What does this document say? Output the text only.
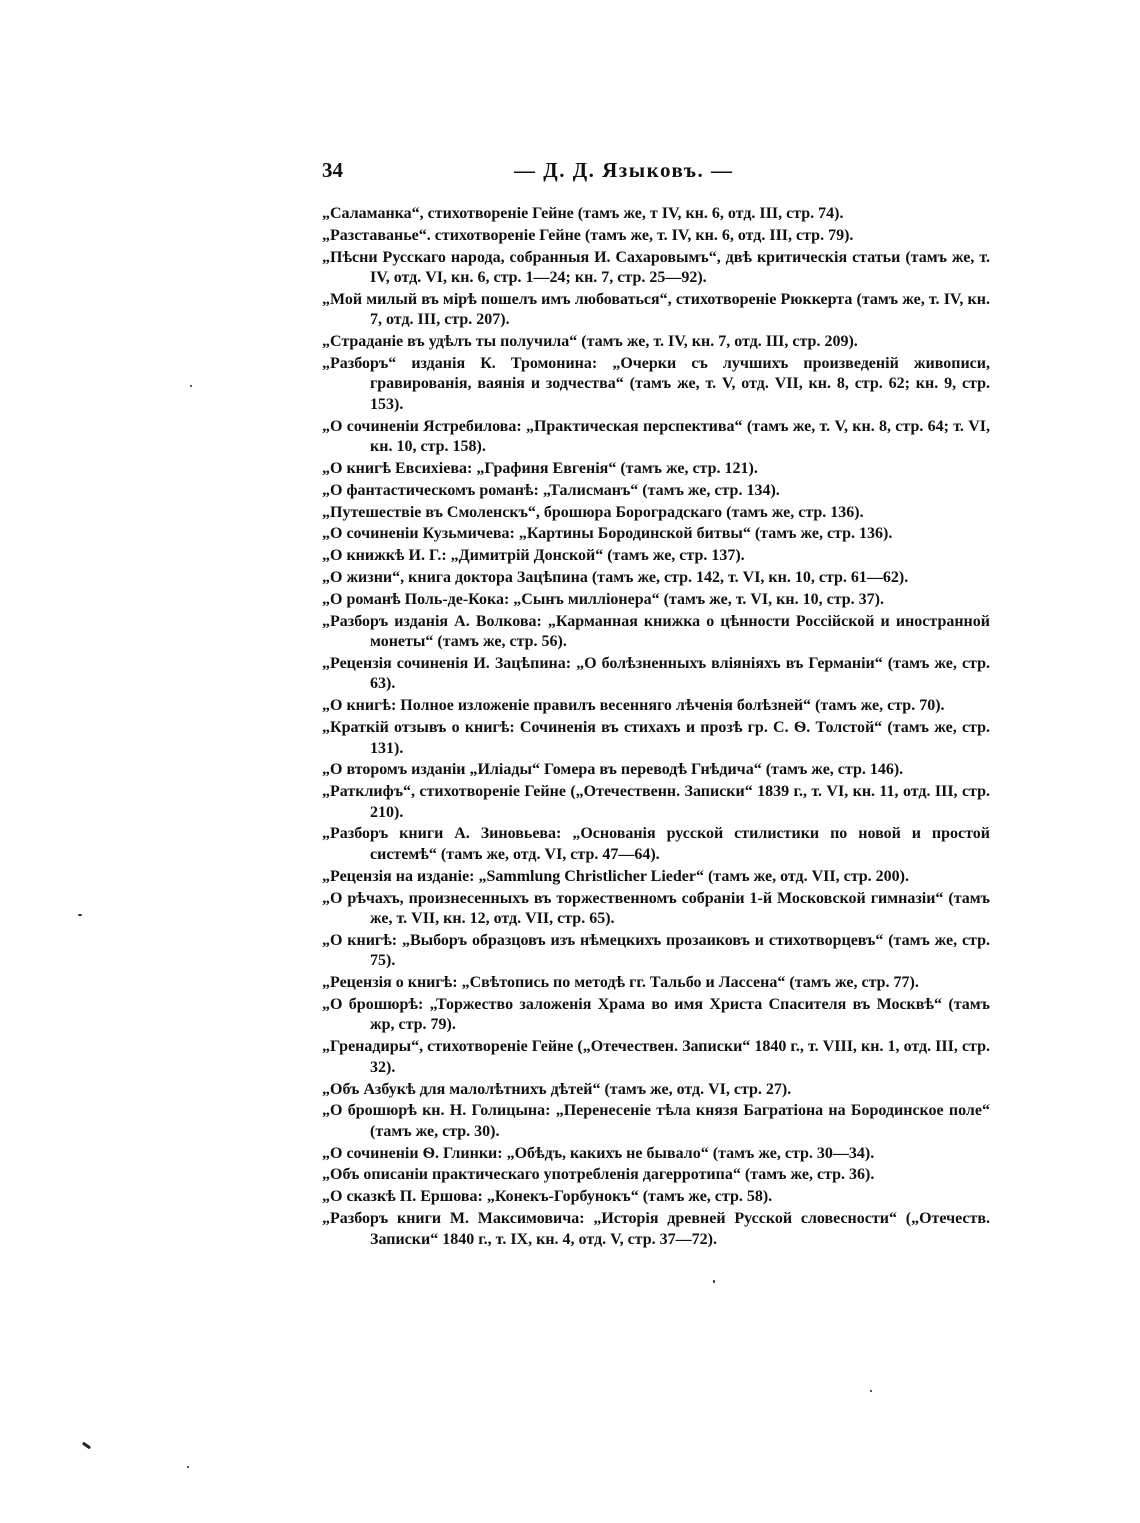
34	— Д. Д. Языковъ. —
„Саламанка“, стихотвореніе Гейне (тамъ же, т IV, кн. 6, отд. III, стр. 74).
„Разставанье“. стихотвореніе Гейне (тамъ же, т. IV, кн. 6, отд. III, стр. 79).
„Пѣсни Русскаго народа, собранныя И. Сахаровымъ“, двѣ критическія статьи (тамъ же, т. IV, отд. VI, кн. 6, стр. 1—24; кн. 7, стр. 25—92).
„Мой милый въ мірѣ пошелъ имъ любоваться“, стихотвореніе Рюккерта (тамъ же, т. IV, кн. 7, отд. III, стр. 207).
„Страданіе въ удѣлъ ты получила“ (тамъ же, т. IV, кн. 7, отд. III, стр. 209).
„Разборъ“ изданія К. Тромонина: „Очерки съ лучшихъ произведеній живописи, гравированія, ваянія и зодчества“ (тамъ же, т. V, отд. VII, кн. 8, стр. 62; кн. 9, стр. 153).
„О сочиненіи Ястребилова: „Практическая перспектива“ (тамъ же, т. V, кн. 8, стр. 64; т. VI, кн. 10, стр. 158).
„О книгѣ Евсихіева: „Графиня Евгенія“ (тамъ же, стр. 121).
„О фантастическомъ романѣ: „Талисманъ“ (тамъ же, стр. 134).
„Путешествіе въ Смоленскъ“, брошюра Бороградскаго (тамъ же, стр. 136).
„О сочиненіи Кузьмичева: „Картины Бородинской битвы“ (тамъ же, стр. 136).
„О книжкѣ И. Г.: „Димитрій Донской“ (тамъ же, стр. 137).
„О жизни“, книга доктора Зацѣпина (тамъ же, стр. 142, т. VI, кн. 10, стр. 61—62).
„О романѣ Поль-де-Кока: „Сынъ милліонера“ (тамъ же, т. VI, кн. 10, стр. 37).
„Разборъ изданія А. Волкова: „Карманная книжка о цѣнности Россійской и иностранной монеты“ (тамъ же, стр. 56).
„Рецензія сочиненія И. Зацѣпина: „О болѣзненныхъ вліяніяхъ въ Германіи“ (тамъ же, стр. 63).
„О книгѣ: Полное изложеніе правилъ весенняго лѣченія болѣзней“ (тамъ же, стр. 70).
„Краткій отзывъ о книгѣ: Сочиненія въ стихахъ и прозѣ гр. С. Ѳ. Толстой“ (тамъ же, стр. 131).
„О второмъ изданіи „Иліады“ Гомера въ переводѣ Гнѣдича“ (тамъ же, стр. 146).
„Ратклифъ“, стихотвореніе Гейне („Отечественн. Записки“ 1839 г., т. VI, кн. 11, отд. III, стр. 210).
„Разборъ книги А. Зиновьева: „Основанія русской стилистики по новой и простой системѣ“ (тамъ же, отд. VI, стр. 47—64).
„Рецензія на изданіе: „Sammlung Christlicher Lieder“ (тамъ же, отд. VII, стр. 200).
„О рѣчахъ, произнесенныхъ въ торжественномъ собраніи 1-й Московской гимназіи“ (тамъ же, т. VII, кн. 12, отд. VII, стр. 65).
„О книгѣ: „Выборъ образцовъ изъ нѣмецкихъ прозаиковъ и стихотворцевъ“ (тамъ же, стр. 75).
„Рецензія о книгѣ: „Свѣтопись по методѣ гг. Тальбо и Лассена“ (тамъ же, стр. 77).
„О брошюрѣ: „Торжество заложенія Храма во имя Христа Спасителя въ Москвѣ“ (тамъ жр, стр. 79).
„Гренадиры“, стихотвореніе Гейне („Отечествен. Записки“ 1840 г., т. VIII, кн. 1, отд. III, стр. 32).
„Объ Азбукѣ для малолѣтнихъ дѣтей“ (тамъ же, отд. VI, стр. 27).
„О брошюрѣ кн. Н. Голицына: „Перенесеніе тѣла князя Багратіона на Бородинское поле“ (тамъ же, стр. 30).
„О сочиненіи Ѳ. Глинки: „Обѣдъ, какихъ не бывало“ (тамъ же, стр. 30—34).
„Объ описаніи практическаго употребленія дагерротипа“ (тамъ же, стр. 36).
„О сказкѣ П. Ершова: „Конекъ-Горбунокъ“ (тамъ же, стр. 58).
„Разборъ книги М. Максимовича: „Исторія древней Русской словесности“ („Отечеств. Записки“ 1840 г., т. IX, кн. 4, отд. V, стр. 37—72).
